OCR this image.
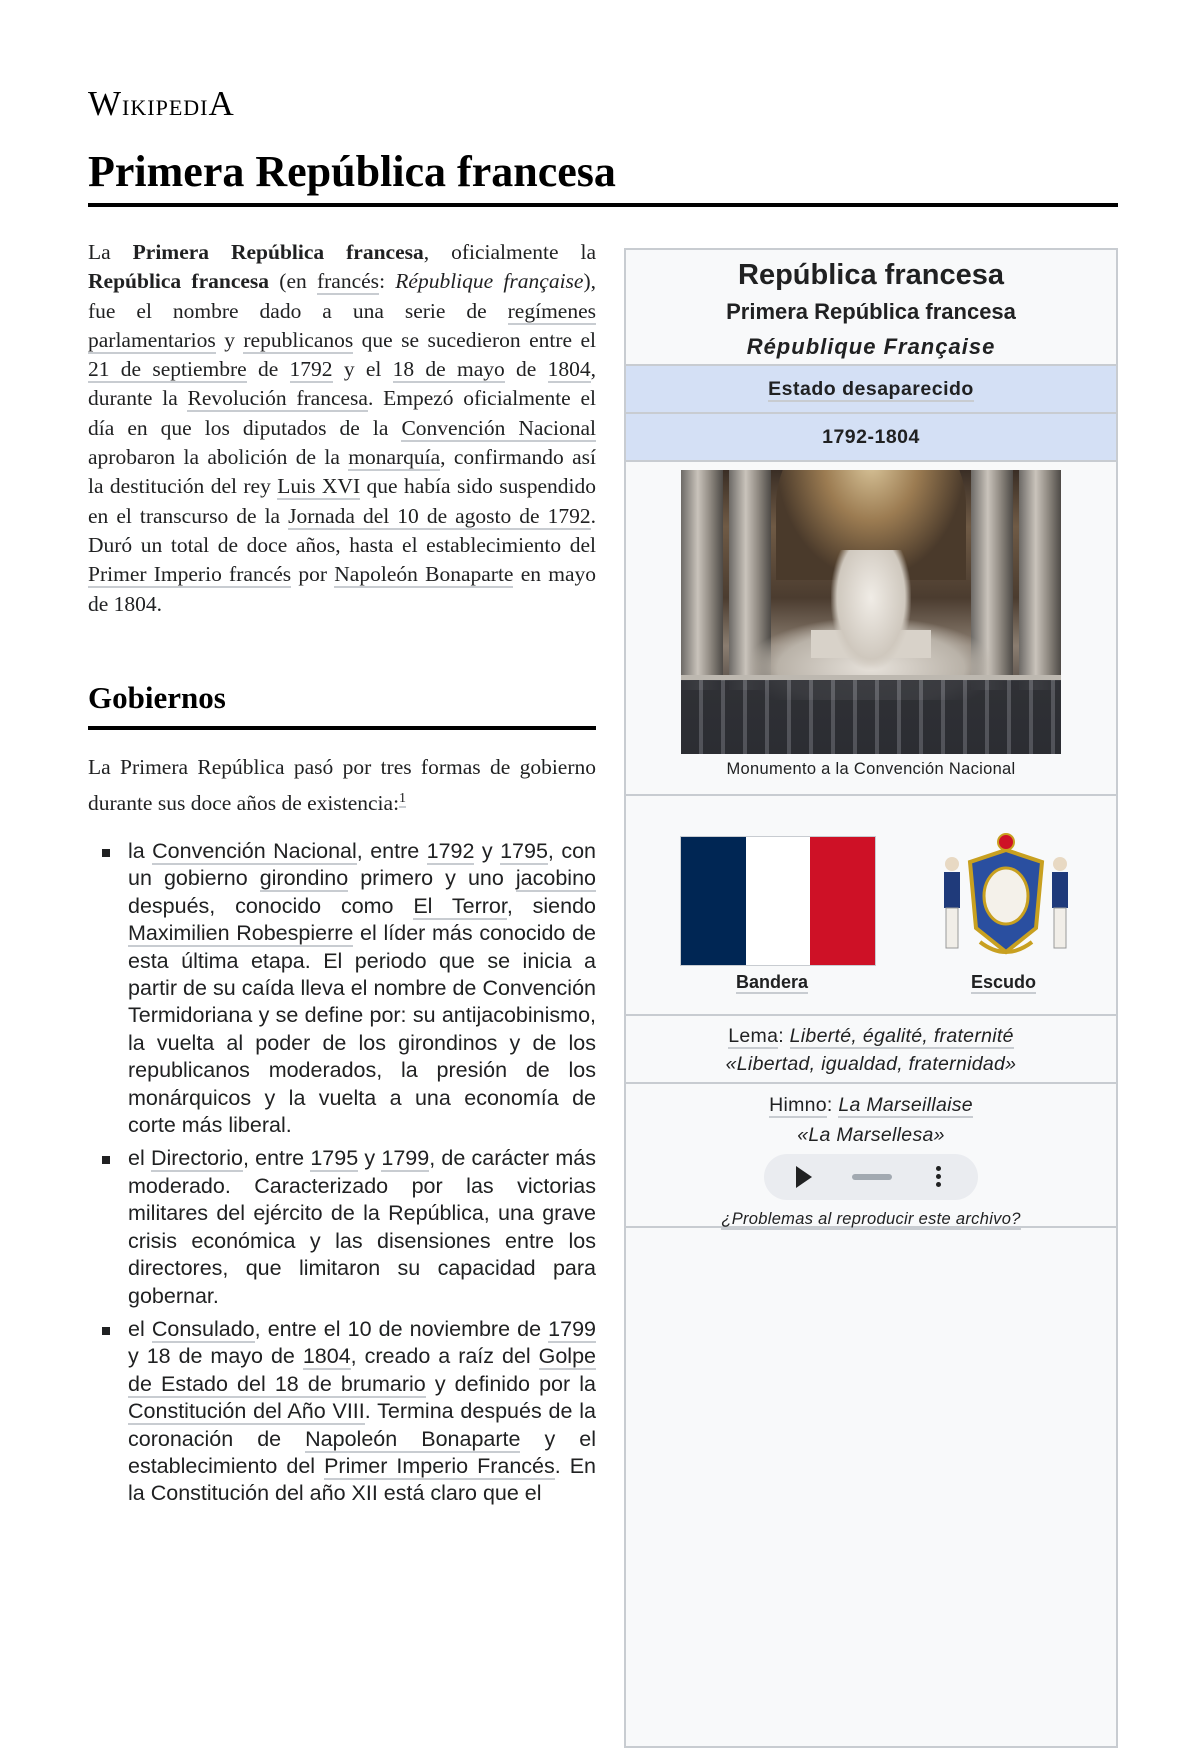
WikipediA
Primera República francesa

La Primera República francesa, oficialmente la República francesa (en francés: République française), fue el nombre dado a una serie de regímenes parlamentarios y republicanos que se sucedieron entre el 21 de septiembre de 1792 y el 18 de mayo de 1804, durante la Revolución francesa. Empezó oficialmente el día en que los diputados de la Convención Nacional aprobaron la abolición de la monarquía, confirmando así la destitución del rey Luis XVI que había sido suspendido en el transcurso de la Jornada del 10 de agosto de 1792. Duró un total de doce años, hasta el establecimiento del Primer Imperio francés por Napoleón Bonaparte en mayo de 1804.

Gobiernos

La Primera República pasó por tres formas de gobierno durante sus doce años de existencia:$^1$

la Convención Nacional, entre 1792 y 1795, con un gobierno girondino primero y uno jacobino después, conocido como El Terror, siendo Maximilien Robespierre el líder más conocido de esta última etapa. El periodo que se inicia a partir de su caída lleva el nombre de Convención Termidoriana y se define por: su antijacobinismo, la vuelta al poder de los girondinos y de los republicanos moderados, la presión de los monárquicos y la vuelta a una economía de corte más liberal.
el Directorio, entre 1795 y 1799, de carácter más moderado. Caracterizado por las victorias militares del ejército de la República, una grave crisis económica y las disensiones entre los directores, que limitaron su capacidad para gobernar.
el Consulado, entre el 10 de noviembre de 1799 y 18 de mayo de 1804, creado a raíz del Golpe de Estado del 18 de brumario y definido por la Constitución del Año VIII. Termina después de la coronación de Napoleón Bonaparte y el establecimiento del Primer Imperio Francés. En la Constitución del año XII está claro que el
República francesa
Primera República francesa
République Française
Estado desaparecido
1792-1804
Monumento a la Convención Nacional
Bandera	Escudo
Lema: Liberté, égalité, fraternité
«Libertad, igualdad, fraternidad»
Himno: La Marseillaise
«La Marsellesa»
¿Problemas al reproducir este archivo?
